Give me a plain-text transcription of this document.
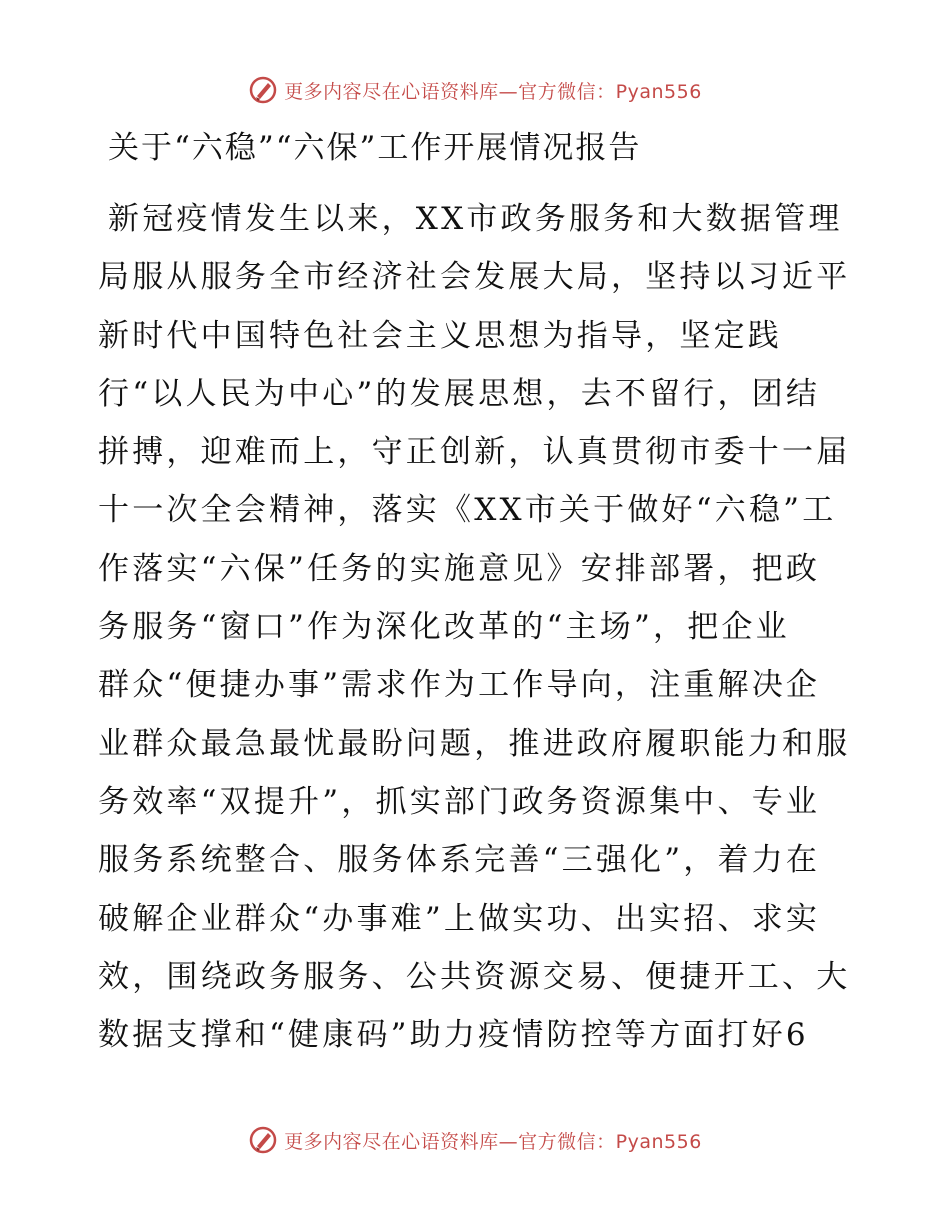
更多内容尽在心语资料库—官方微信：Pyan556
关于“六稳”“六保”工作开展情况报告
新冠疫情发生以来，XX市政务服务和大数据管理
局服从服务全市经济社会发展大局，坚持以习近平
新时代中国特色社会主义思想为指导，坚定践
行“以人民为中心”的发展思想，去不留行，团结
拼搏，迎难而上，守正创新，认真贯彻市委十一届
十一次全会精神，落实《XX市关于做好“六稳”工
作落实“六保”任务的实施意见》安排部署，把政
务服务“窗口”作为深化改革的“主场”，把企业
群众“便捷办事”需求作为工作导向，注重解决企
业群众最急最忧最盼问题，推进政府履职能力和服
务效率“双提升”，抓实部门政务资源集中、专业
服务系统整合、服务体系完善“三强化”，着力在
破解企业群众“办事难”上做实功、出实招、求实
效，围绕政务服务、公共资源交易、便捷开工、大
数据支撑和“健康码”助力疫情防控等方面打好6
更多内容尽在心语资料库—官方微信：Pyan556
